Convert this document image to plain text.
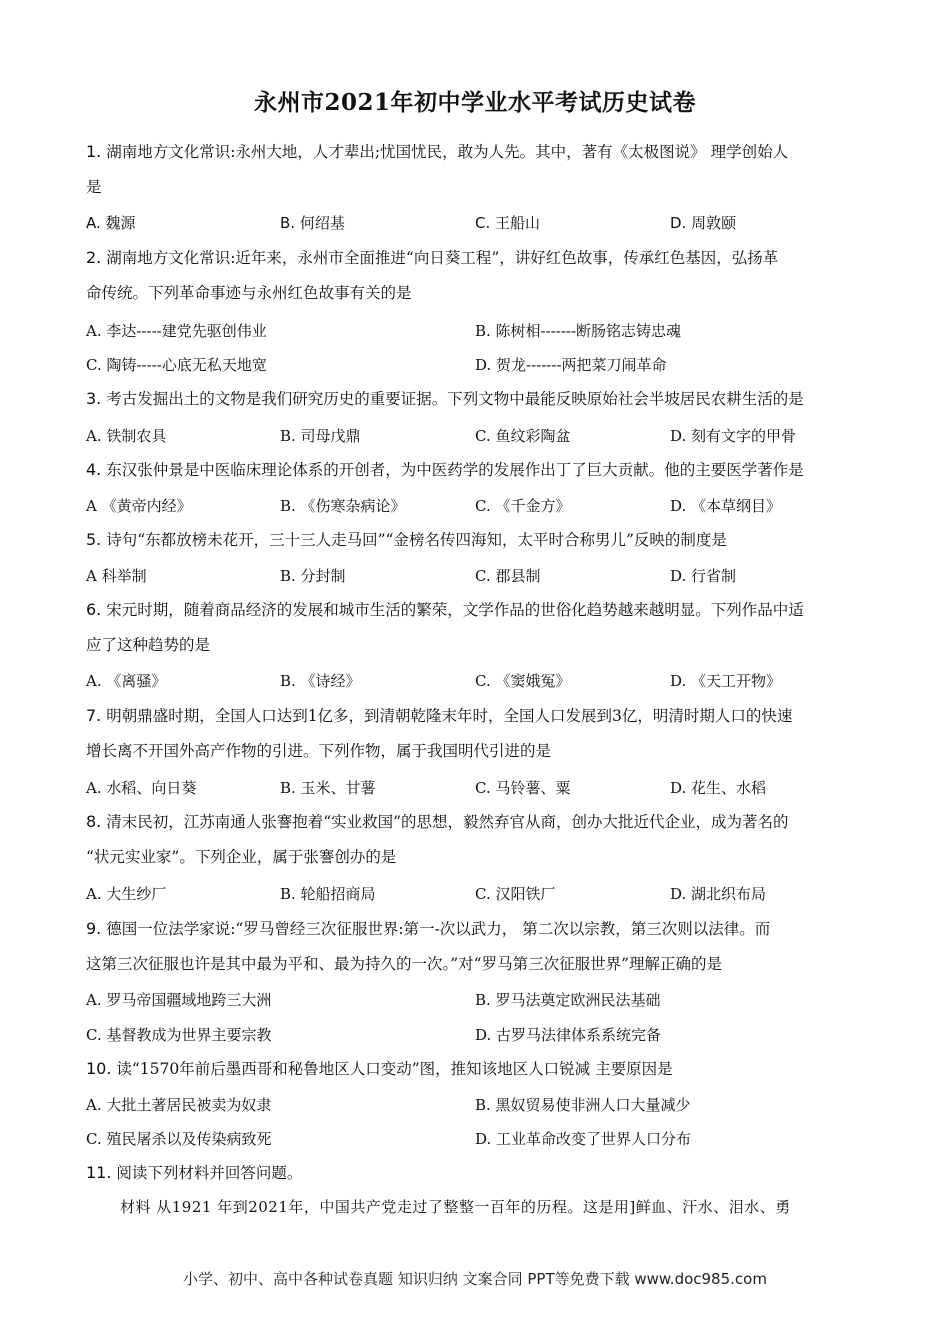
永州市2021年初中学业水平考试历史试卷
1. 湖南地方文化常识:永州大地，人才辈出;忧国忧民，敢为人先。其中，著有《太极图说》 理学创始人
是
A. 魏源	B. 何绍基	C. 王船山	D. 周敦颐
2. 湖南地方文化常识:近年来，永州市全面推进“向日葵工程”，讲好红色故事，传承红色基因，弘扬革
命传统。下列革命事迹与永州红色故事有关的是
A. 李达-----建党先驱创伟业	B. 陈树相-------断肠铭志铸忠魂
C. 陶铸-----心底无私天地宽	D. 贺龙-------两把菜刀闹革命
3. 考古发掘出土的文物是我们研究历史的重要证据。下列文物中最能反映原始社会半坡居民农耕生活的是
A. 铁制农具	B. 司母戊鼎	C. 鱼纹彩陶盆	D. 刻有文字的甲骨
4. 东汉张仲景是中医临床理论体系的开创者，为中医药学的发展作出丁了巨大贡献。他的主要医学著作是
A 《黄帝内经》	B. 《伤寒杂病论》	C. 《千金方》	D. 《本草纲目》
5. 诗句“东都放榜未花开，三十三人走马回”“金榜名传四海知，太平时合称男儿”反映的制度是
A 科举制	B. 分封制	C. 郡县制	D. 行省制
6. 宋元时期，随着商品经济的发展和城市生活的繁荣，文学作品的世俗化趋势越来越明显。下列作品中适
应了这种趋势的是
A. 《离骚》	B. 《诗经》	C. 《窦娥冤》	D. 《天工开物》
7. 明朝鼎盛时期，全国人口达到1亿多，到清朝乾隆末年时，全国人口发展到3亿，明清时期人口的快速
增长离不开国外高产作物的引进。下列作物，属于我国明代引进的是
A. 水稻、向日葵	B. 玉米、甘薯	C. 马铃薯、粟	D. 花生、水稻
8. 清末民初，江苏南通人张謇抱着“实业救国”的思想，毅然弃官从商，创办大批近代企业，成为著名的
“状元实业家”。下列企业，属于张謇创办的是
A. 大生纱厂	B. 轮船招商局	C. 汉阳铁厂	D. 湖北织布局
9. 德国一位法学家说:“罗马曾经三次征服世界:第一-次以武力， 第二次以宗教，第三次则以法律。而
这第三次征服也许是其中最为平和、最为持久的一次。”对“罗马第三次征服世界”理解正确的是
A. 罗马帝国疆域地跨三大洲	B. 罗马法奠定欧洲民法基础
C. 基督教成为世界主要宗教	D. 古罗马法律体系系统完备
10. 读“1570年前后墨西哥和秘鲁地区人口变动”图，推知该地区人口锐减 主要原因是
A. 大批土著居民被卖为奴隶	B. 黑奴贸易使非洲人口大量减少
C. 殖民屠杀以及传染病致死	D. 工业革命改变了世界人口分布
11. 阅读下列材料并回答问题。
材料 从1921 年到2021年，中国共产党走过了整整一百年的历程。这是用]鲜血、汗水、泪水、勇
小学、初中、高中各种试卷真题 知识归纳 文案合同 PPT等免费下载 www.doc985.com
